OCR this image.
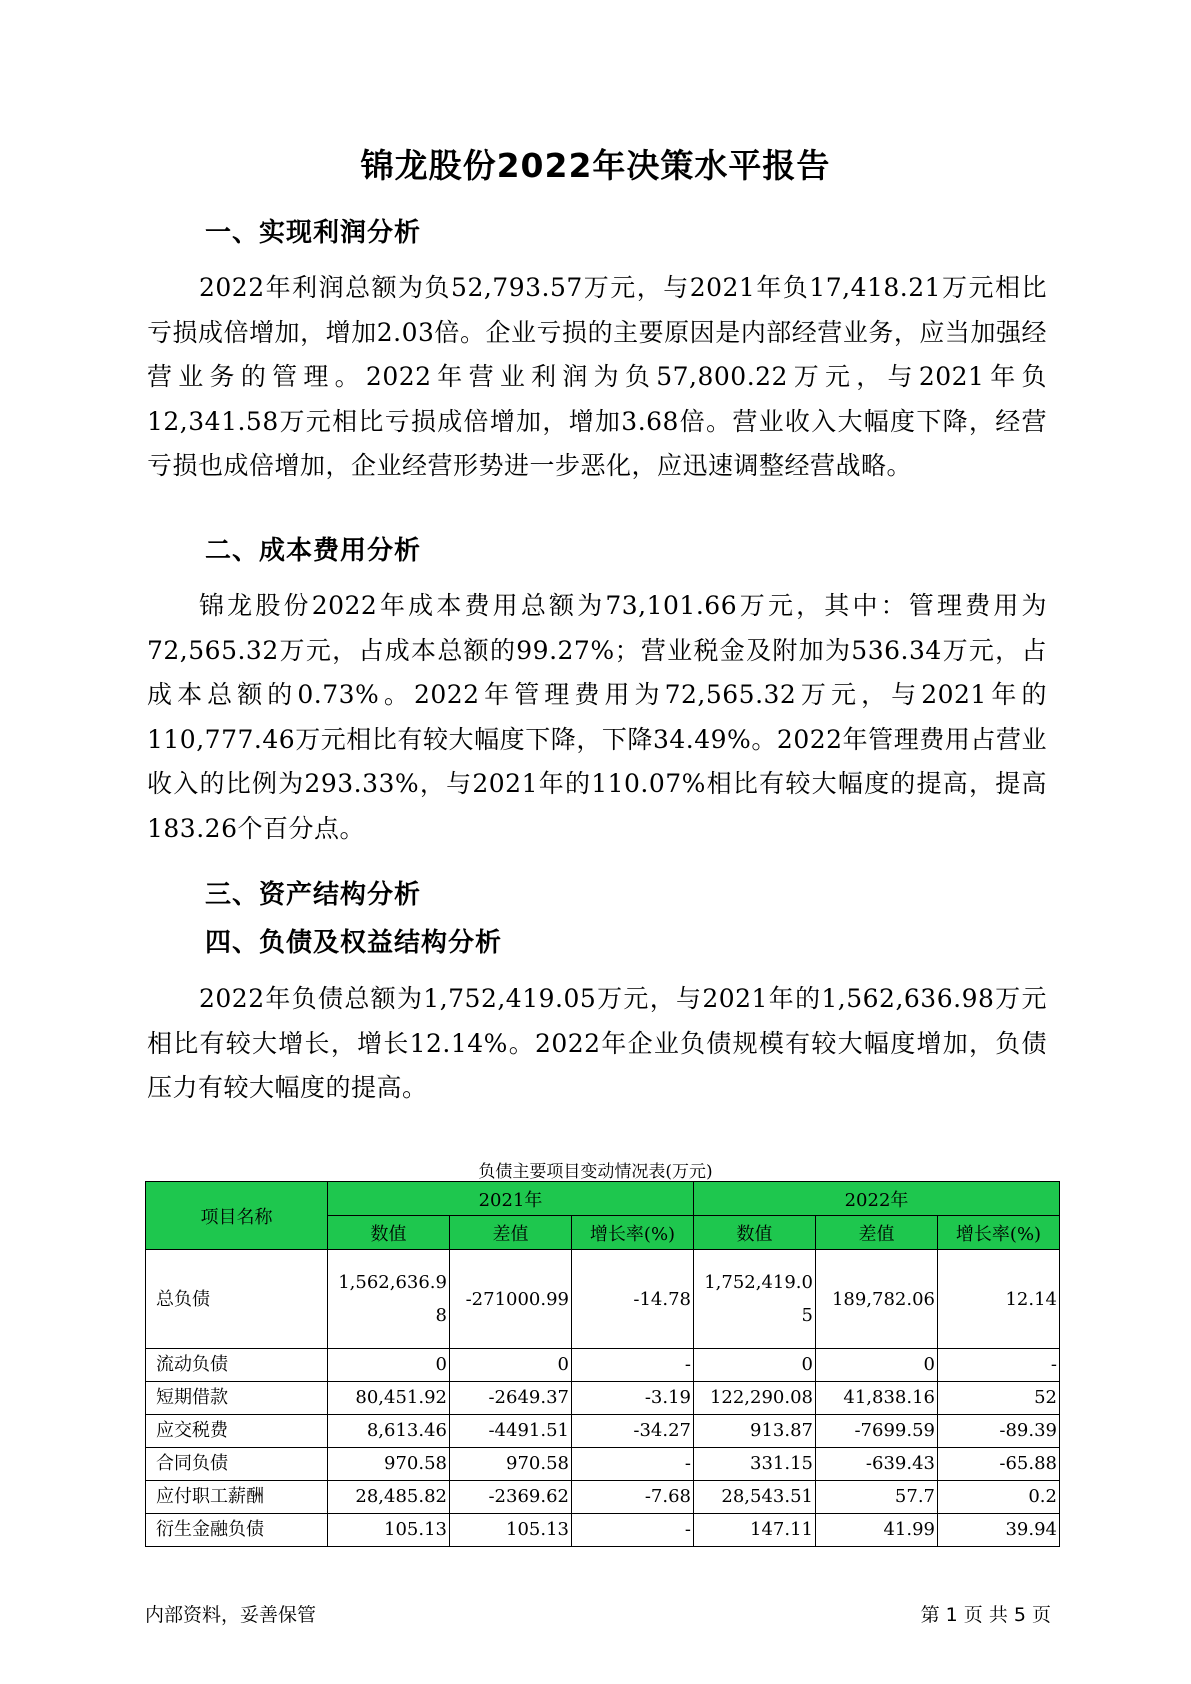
锦龙股份2022年决策水平报告
一、实现利润分析

2022年利润总额为负52,793.57万元，与2021年负17,418.21万元相比亏损成倍增加，增加2.03倍。企业亏损的主要原因是内部经营业务，应当加强经营业务的管理。2022年营业利润为负57,800.22万元，与2021年负12,341.58万元相比亏损成倍增加，增加3.68倍。营业收入大幅度下降，经营亏损也成倍增加，企业经营形势进一步恶化，应迅速调整经营战略。

二、成本费用分析

锦龙股份2022年成本费用总额为73,101.66万元，其中：管理费用为72,565.32万元，占成本总额的99.27%；营业税金及附加为536.34万元，占成本总额的0.73%。2022年管理费用为72,565.32万元，与2021年的110,777.46万元相比有较大幅度下降，下降34.49%。2022年管理费用占营业收入的比例为293.33%，与2021年的110.07%相比有较大幅度的提高，提高183.26个百分点。

三、资产结构分析
四、负债及权益结构分析

2022年负债总额为1,752,419.05万元，与2021年的1,562,636.98万元相比有较大增长，增长12.14%。2022年企业负债规模有较大幅度增加，负债压力有较大幅度的提高。

负债主要项目变动情况表(万元)
项目名称	2021年			2022年		
	数值	差值	增长率(%)	数值	差值	增长率(%)
总负债	1,562,636.98	-271000.99	-14.78	1,752,419.05	189,782.06	12.14
流动负债	0	0	-	0	0	-
短期借款	80,451.92	-2649.37	-3.19	122,290.08	41,838.16	52
应交税费	8,613.46	-4491.51	-34.27	913.87	-7699.59	-89.39
合同负债	970.58	970.58	-	331.15	-639.43	-65.88
应付职工薪酬	28,485.82	-2369.62	-7.68	28,543.51	57.7	0.2
衍生金融负债	105.13	105.13	-	147.11	41.99	39.94
内部资料，妥善保管	第 1 页 共 5 页
